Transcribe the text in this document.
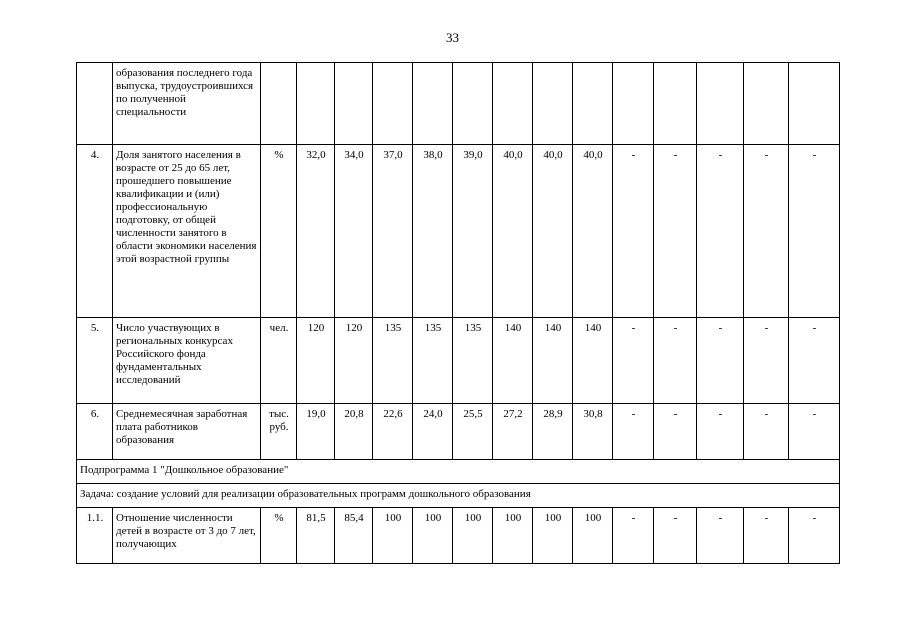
33
	образования последнего года выпуска, трудоустроившихся по полученной специальности														
4.	Доля занятого населения в возрасте от 25 до 65 лет, прошедшего повышение квалификации и (или) профессиональную подготовку, от общей численности занятого в области экономики населения этой возрастной группы	%	32,0	34,0	37,0	38,0	39,0	40,0	40,0	40,0	-	-	-	-	-
5.	Число участвующих в региональных конкурсах Российского фонда фундаментальных исследований	чел.	120	120	135	135	135	140	140	140	-	-	-	-	-
6.	Среднемесячная заработная плата работников образования	тыс. руб.	19,0	20,8	22,6	24,0	25,5	27,2	28,9	30,8	-	-	-	-	-
Подпрограмма 1 "Дошкольное образование"															
Задача: создание условий для реализации образовательных программ дошкольного образования															
1.1.	Отношение численности детей в возрасте от 3 до 7 лет, получающих	%	81,5	85,4	100	100	100	100	100	100	-	-	-	-	-
